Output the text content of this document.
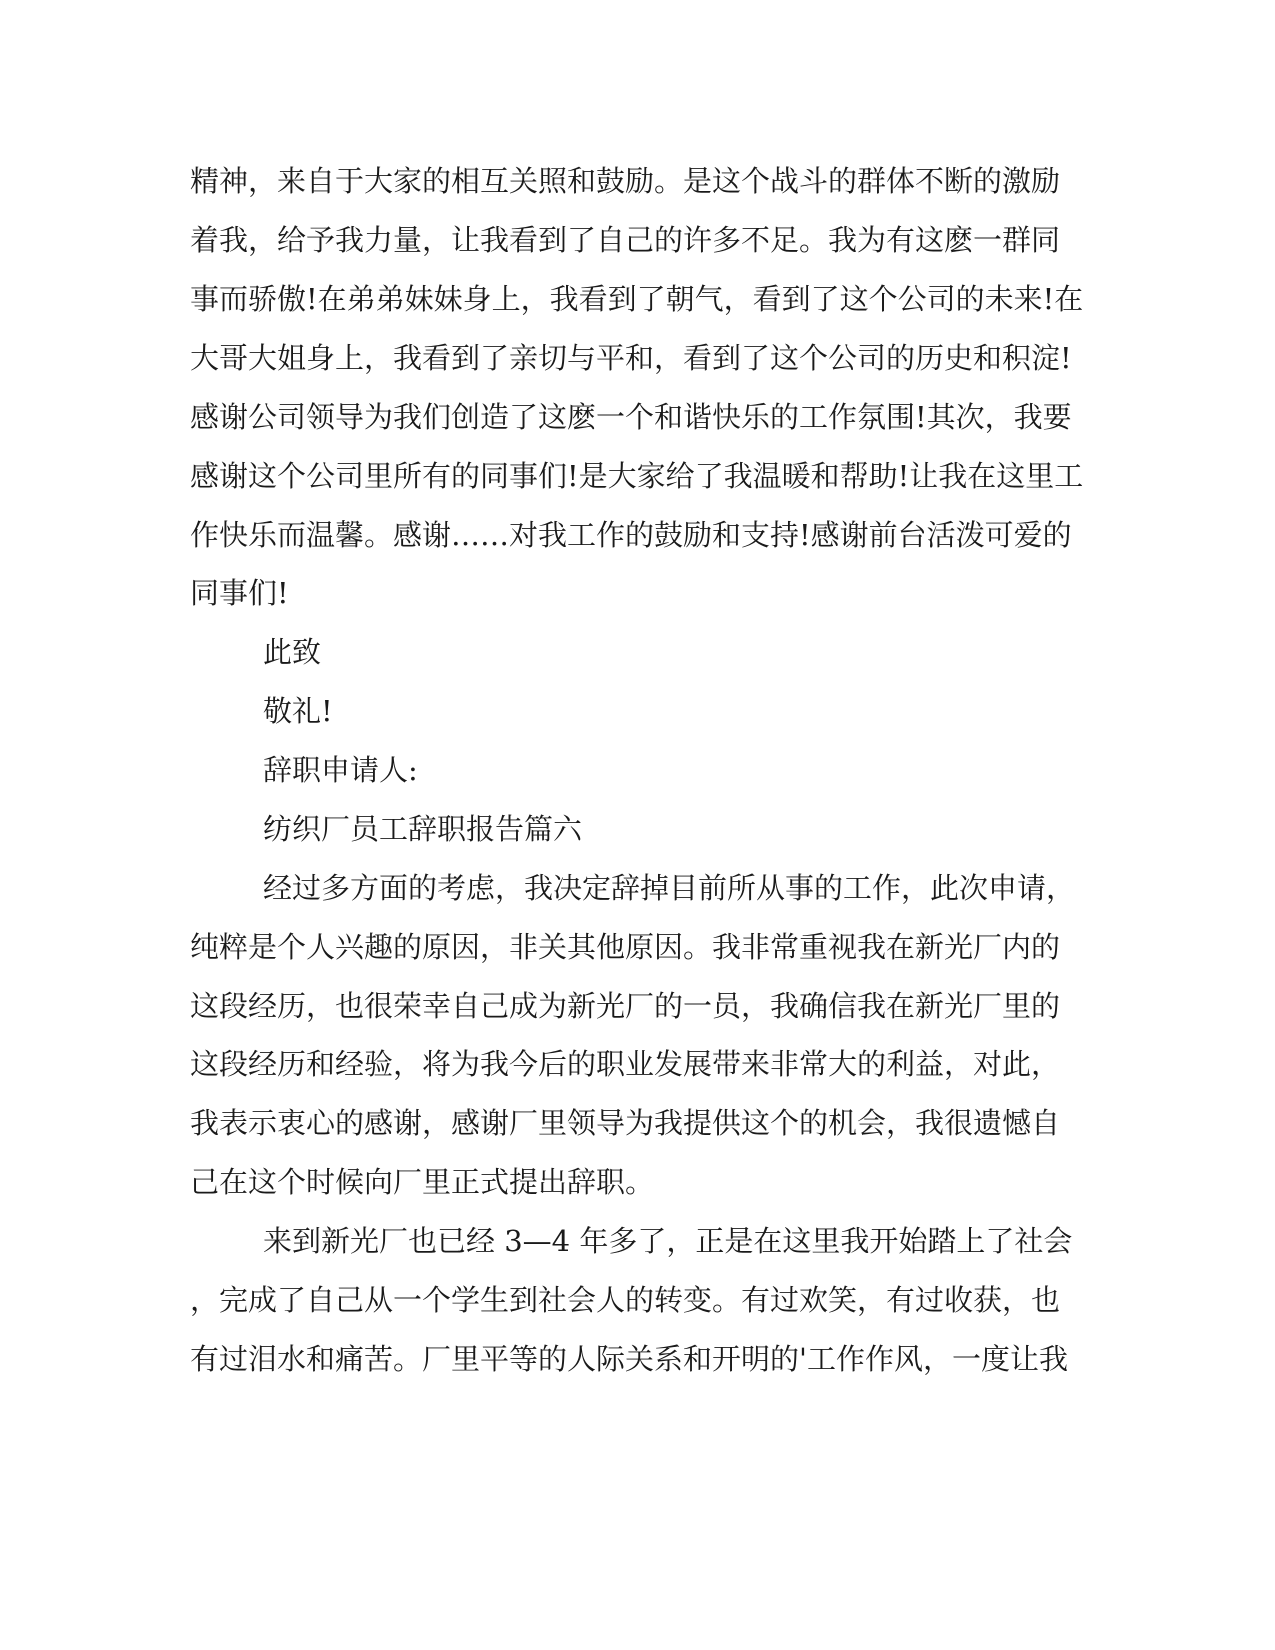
精神，来自于大家的相互关照和鼓励。是这个战斗的群体不断的激励
着我，给予我力量，让我看到了自己的许多不足。我为有这麽一群同
事而骄傲!在弟弟妹妹身上，我看到了朝气，看到了这个公司的未来!在
大哥大姐身上，我看到了亲切与平和，看到了这个公司的历史和积淀!
感谢公司领导为我们创造了这麽一个和谐快乐的工作氛围!其次，我要
感谢这个公司里所有的同事们!是大家给了我温暖和帮助!让我在这里工
作快乐而温馨。感谢……对我工作的鼓励和支持!感谢前台活泼可爱的
同事们!
此致
敬礼!
辞职申请人:
纺织厂员工辞职报告篇六
经过多方面的考虑，我决定辞掉目前所从事的工作，此次申请，
纯粹是个人兴趣的原因，非关其他原因。我非常重视我在新光厂内的
这段经历，也很荣幸自己成为新光厂的一员，我确信我在新光厂里的
这段经历和经验，将为我今后的职业发展带来非常大的利益，对此，
我表示衷心的感谢，感谢厂里领导为我提供这个的机会，我很遗憾自
己在这个时候向厂里正式提出辞职。
来到新光厂也已经 3—4 年多了，正是在这里我开始踏上了社会
，完成了自己从一个学生到社会人的转变。有过欢笑，有过收获，也
有过泪水和痛苦。厂里平等的人际关系和开明的'工作作风，一度让我
